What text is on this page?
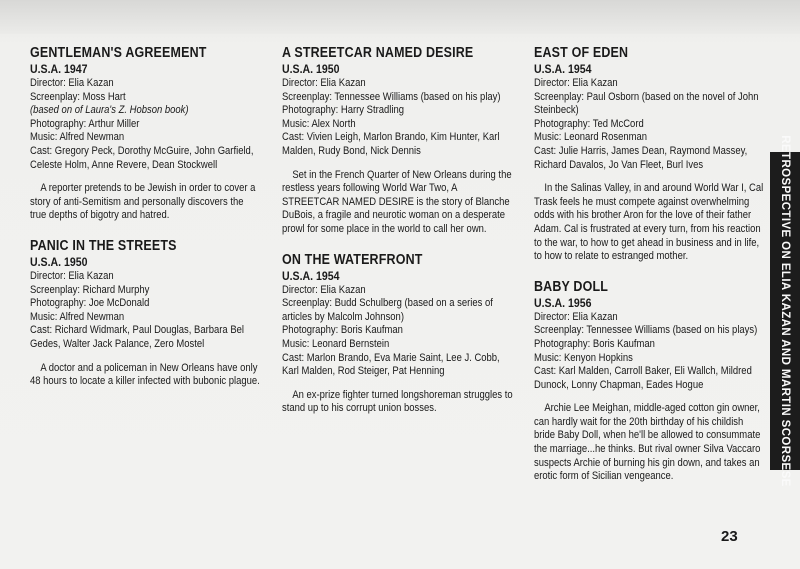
GENTLEMAN'S AGREEMENT
U.S.A. 1947
Director: Elia Kazan
Screenplay: Moss Hart
(based on of Laura's Z. Hobson book)
Photography: Arthur Miller
Music: Alfred Newman
Cast: Gregory Peck, Dorothy McGuire, John Garfield, Celeste Holm, Anne Revere, Dean Stockwell
A reporter pretends to be Jewish in order to cover a story of anti-Semitism and personally discovers the true depths of bigotry and hatred.
PANIC IN THE STREETS
U.S.A. 1950
Director: Elia Kazan
Screenplay: Richard Murphy
Photography: Joe McDonald
Music: Alfred Newman
Cast: Richard Widmark, Paul Douglas, Barbara Bel Gedes, Walter Jack Palance, Zero Mostel
A doctor and a policeman in New Orleans have only 48 hours to locate a killer infected with bubonic plague.
A STREETCAR NAMED DESIRE
U.S.A. 1950
Director: Elia Kazan
Screenplay: Tennessee Williams (based on his play)
Photography: Harry Stradling
Music: Alex North
Cast: Vivien Leigh, Marlon Brando, Kim Hunter, Karl Malden, Rudy Bond, Nick Dennis
Set in the French Quarter of New Orleans during the restless years following World War Two, A STREETCAR NAMED DESIRE is the story of Blanche DuBois, a fragile and neurotic woman on a desperate prowl for some place in the world to call her own.
ON THE WATERFRONT
U.S.A. 1954
Director: Elia Kazan
Screenplay: Budd Schulberg (based on a series of articles by Malcolm Johnson)
Photography: Boris Kaufman
Music: Leonard Bernstein
Cast: Marlon Brando, Eva Marie Saint, Lee J. Cobb, Karl Malden, Rod Steiger, Pat Henning
An ex-prize fighter turned longshoreman struggles to stand up to his corrupt union bosses.
EAST OF EDEN
U.S.A. 1954
Director: Elia Kazan
Screenplay: Paul Osborn (based on the novel of John Steinbeck)
Photography: Ted McCord
Music: Leonard Rosenman
Cast: Julie Harris, James Dean, Raymond Massey, Richard Davalos, Jo Van Fleet, Burl Ives
In the Salinas Valley, in and around World War I, Cal Trask feels he must compete against overwhelming odds with his brother Aron for the love of their father Adam. Cal is frustrated at every turn, from his reaction to the war, to how to get ahead in business and in life, to how to relate to estranged mother.
BABY DOLL
U.S.A. 1956
Director: Elia Kazan
Screenplay: Tennessee Williams (based on his plays)
Photography: Boris Kaufman
Music: Kenyon Hopkins
Cast: Karl Malden, Carroll Baker, Eli Wallch, Mildred Dunock, Lonny Chapman, Eades Hogue
Archie Lee Meighan, middle-aged cotton gin owner, can hardly wait for the 20th birthday of his childish bride Baby Doll, when he'll be allowed to consummate the marriage...he thinks. But rival owner Silva Vaccaro suspects Archie of burning his gin down, and takes an erotic form of Sicilian vengeance.	RETROSPECTIVE ON ELIA KAZAN AND MARTIN SCORSESE
23
